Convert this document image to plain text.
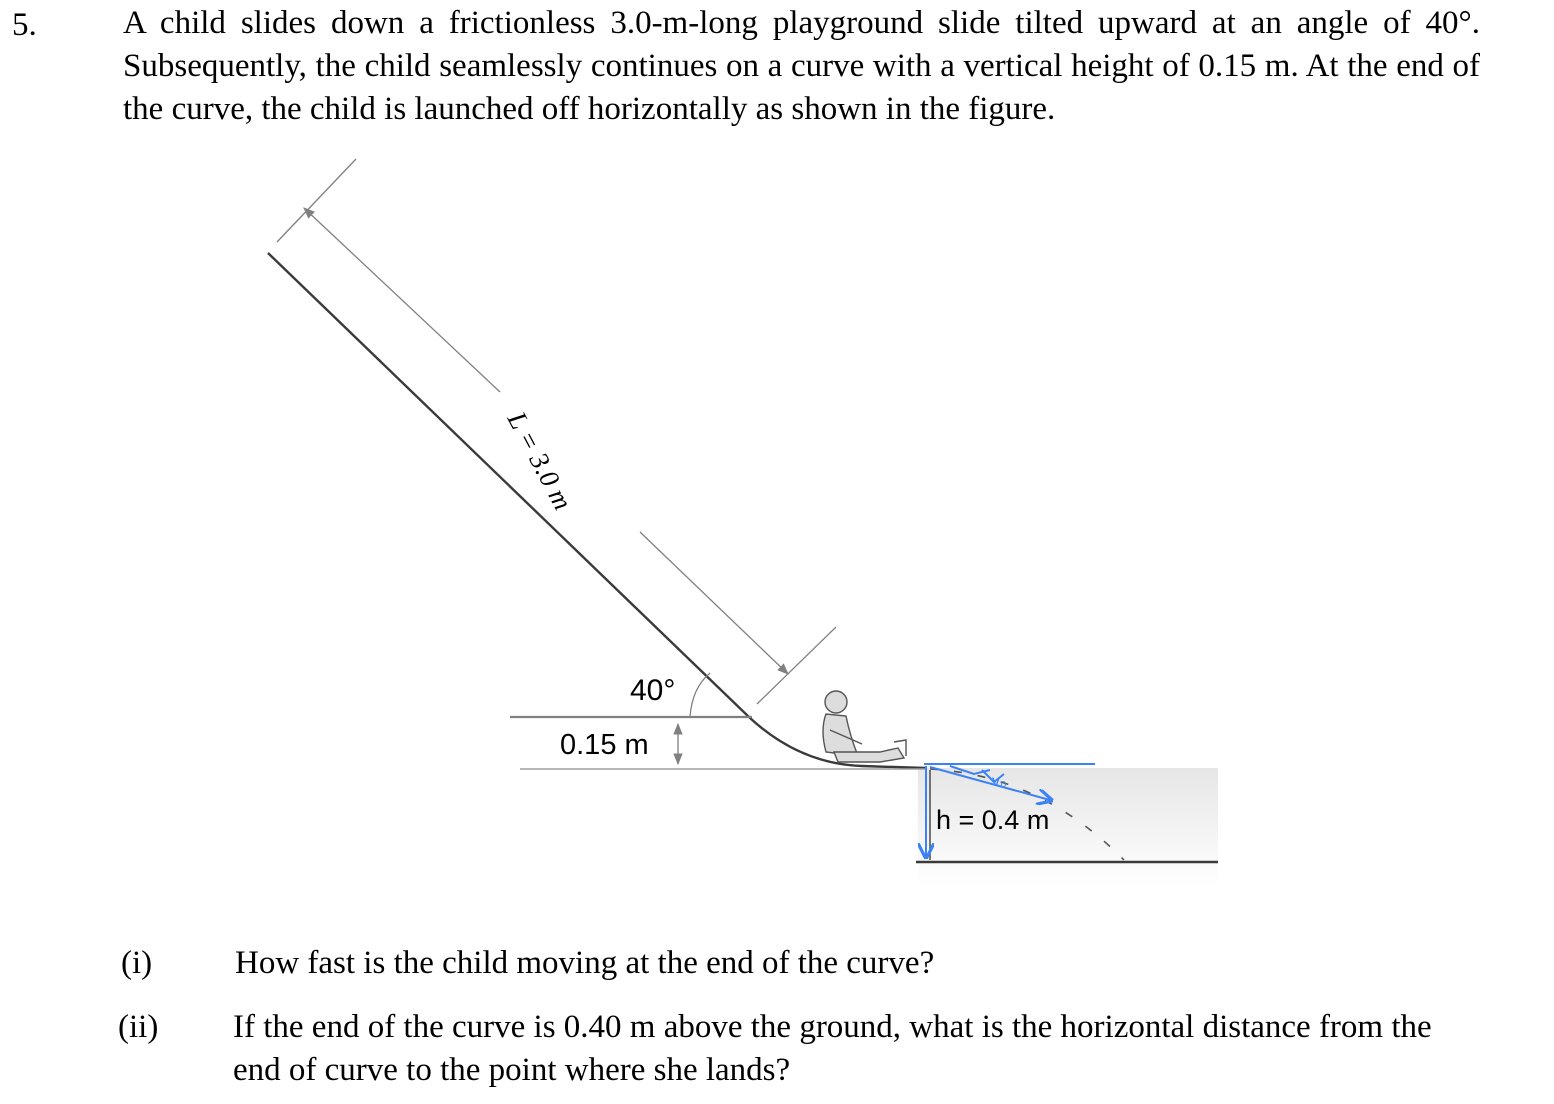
5.	A child slides down a frictionless 3.0-m-long playground slide tilted upward at an angle of 40°. Subsequently, the child seamlessly continues on a curve with a vertical height of 0.15 m. At the end of the curve, the child is launched off horizontally as shown in the figure.

L = 3.0 m
40°
0.15 m
h = 0.4 m
v₀
(i)	How fast is the child moving at the end of the curve?
(ii) If the end of the curve is 0.40 m above the ground, what is the horizontal distance from the end of curve to the point where she lands?
